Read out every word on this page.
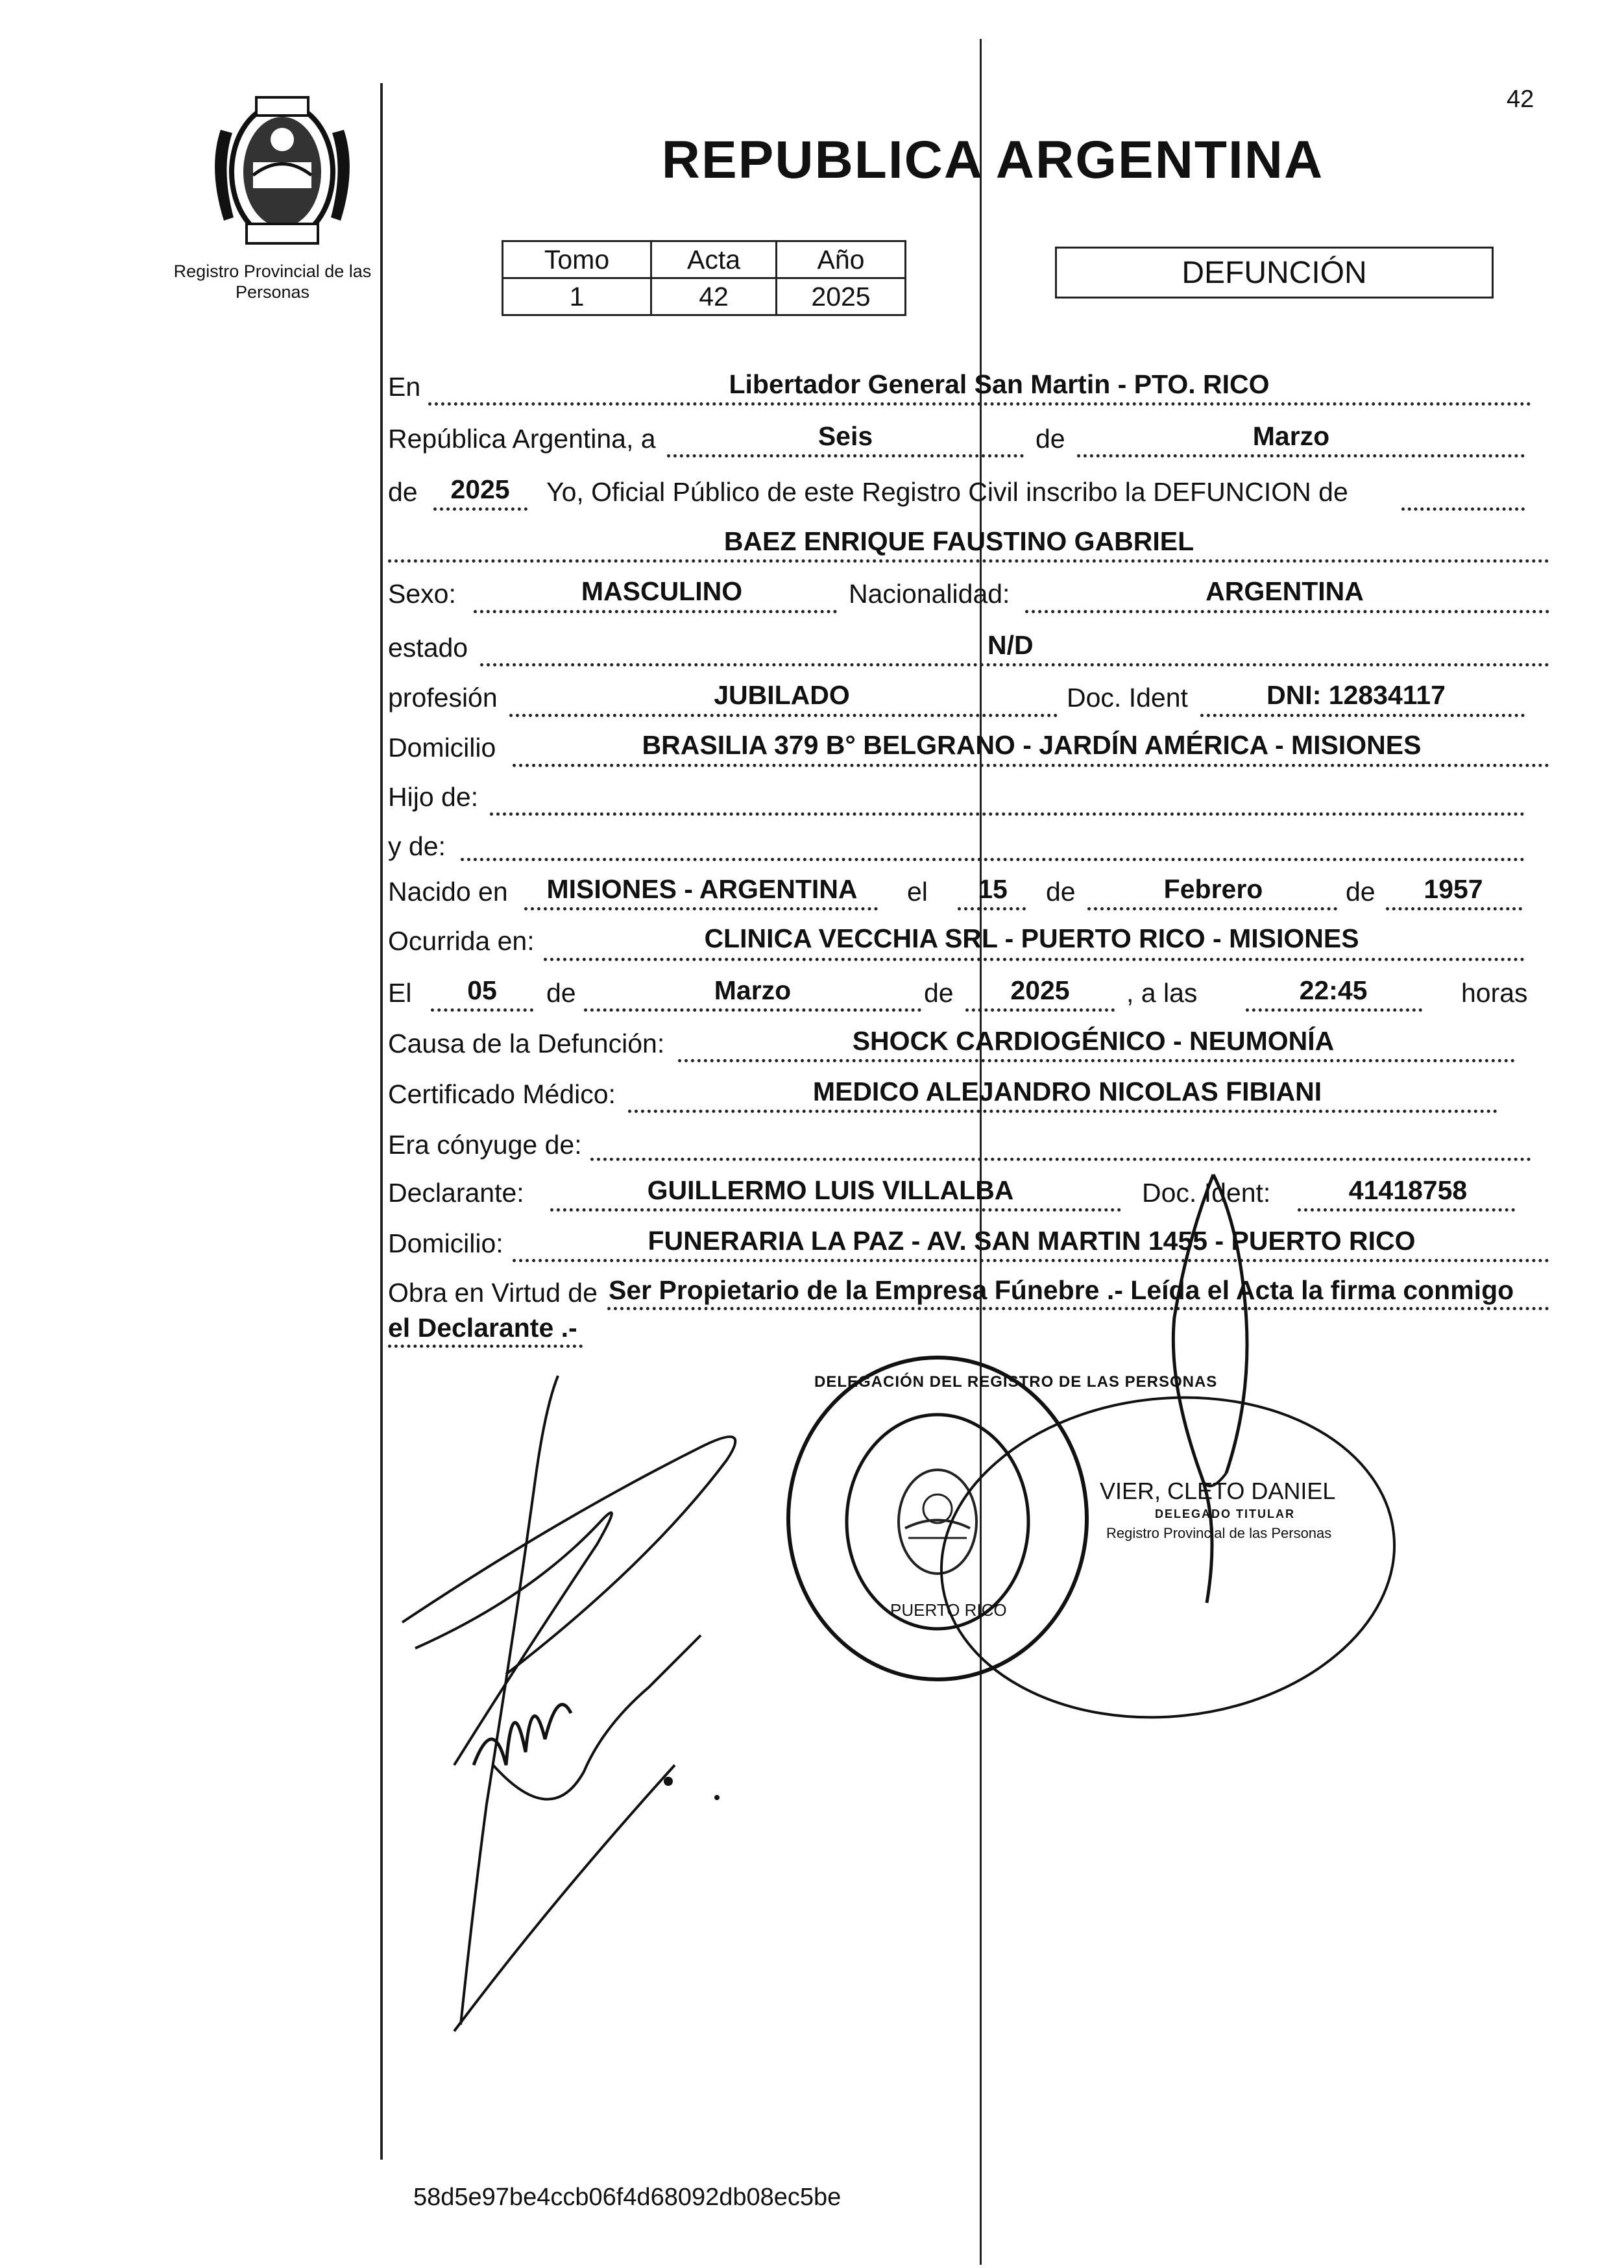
Registro Provincial de las Personas
42
REPUBLICA ARGENTINA
Tomo	Acta	Año
1	42	2025
DEFUNCIÓN
En	Libertador General San Martin - PTO. RICO
República Argentina, a	Seis	de	Marzo
de	2025	Yo, Oficial Público de este Registro Civil inscribo la DEFUNCION de
BAEZ ENRIQUE FAUSTINO GABRIEL
Sexo:	MASCULINO	Nacionalidad:	ARGENTINA
estado	N/D
profesión	JUBILADO	Doc. Ident	DNI: 12834117
Domicilio	BRASILIA 379 B° BELGRANO - JARDÍN AMÉRICA - MISIONES
Hijo de:
y de:
Nacido en	MISIONES - ARGENTINA	el	15	de	Febrero	de	1957
Ocurrida en:	CLINICA VECCHIA SRL - PUERTO RICO - MISIONES
El	05	de	Marzo	de	2025	, a las	22:45	horas
Causa de la Defunción:	SHOCK CARDIOGÉNICO - NEUMONÍA
Certificado Médico:	MEDICO ALEJANDRO NICOLAS FIBIANI
Era cónyuge de:
Declarante:	GUILLERMO LUIS VILLALBA	Doc. Ident:	41418758
Domicilio:	FUNERARIA LA PAZ - AV. SAN MARTIN 1455 - PUERTO RICO
Obra en Virtud de Ser Propietario de la Empresa Fúnebre .- Leída el Acta la firma conmigo
el Declarante .-
DELEGACIÓN DEL REGISTRO DE LAS PERSONAS
PUERTO RICO
VIER, CLETO DANIEL
DELEGADO TITULAR
Registro Provincial de las Personas
58d5e97be4ccb06f4d68092db08ec5be
